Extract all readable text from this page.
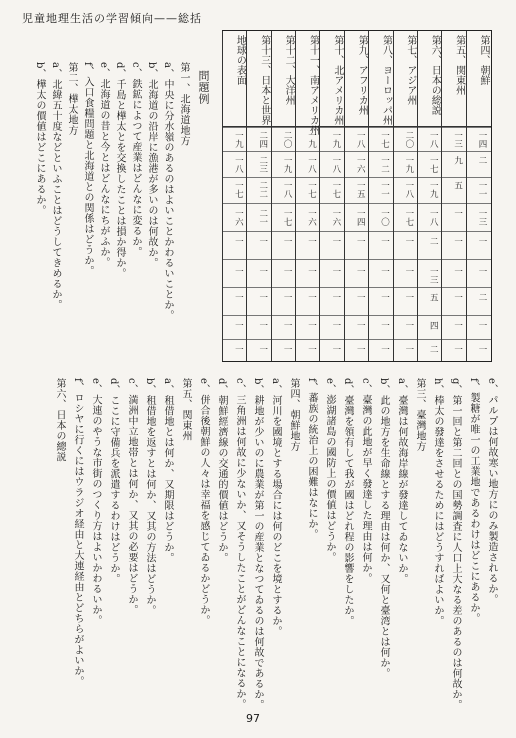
児童地理生活の学習傾向——総括
第四、朝鮮
一四
二
一一
一三
一
一
二
一
一
第五、関東州
一三
九
五
一
一
一
一
一
一
第六、日本の総説
一八
一七
一九
一八
二
一三
五
四
二
第七、アジア州
二〇
一九
一八
一七
一
一
一
一
一
第八、ヨーロッパ州
一七
一二
一一
一〇
一
一
一
一
一
第九、アフリカ州
一八
一六
一五
一四
一
一
一
一
一
第十、北アメリカ州
一九
一八
一七
一六
一
一
一
一
一
第十一、南アメリカ州
一九
一八
一七
一六
一
一
一
一
一
第十二、大洋州
二〇
一九
一八
一七
一
一
一
一
一
第十三、日本と世界
二四
二三
二二
二一
一
一
一
一
一
地球の表面
一九
一八
一七
一六
一
一
一
一
一
問題例
第一、北海道地方
a、中央に分水嶺のあるのはよいことかわるいことか。
b、北海道の沿岸に漁港が多いのは何故か。
c、鉄鉱によつて産業はどんなに変るか。
d、千島と樺太とを交換したことは損か得か。
e、北海道の昔と今とはどんなにちがふか。
f、入口食糧問題と北海道との関係はどうか。
第二、樺太地方
a、北緯五十度などといふことはどうしてきめるか。
b、樺太の價値はどこにあるか。
e、パルプは何故寒い地方にのみ製造されるか。
f、製糖が唯一の工業地であるわけはどこにあるか。
g、第一回と第二回との国勢調査に人口上大なる差のあるのは何故か。
h、棒太の發達をさせるためにはどうすればよいか。
第三、臺灣地方
a、臺灣は何故海岸線が發達してゐないか。
b、此の地方を生命線とする理由は何か、又何と臺湾とは何か。
c、臺灣の此地が早く發達した理由は何か。
d、臺灣を領有して我が國はどれ程の影響をしたか。
e、澎湖諸島の國防上の價値はどうか。
f、蕃族の統治上の困難はなにか。
第四、朝鮮地方
a、河川を國境とする場合には何のどこを境とするか。
b、耕地が少いのに農業が第一の産業となつてゐるのは何故であるか。
c、三角洲は何故に少ないか、又そうしたことがどんなことになるか。
d、朝鮮經濟線の交通的價値はどうか。
e、併合後朝鮮の人々は幸福を感じてゐるかどうか。
第五、関東州
a、租借地とは何か、又期限はどうか。
b、租借地を返すとは何か、又其の方法はどうか。
c、満洲中立地帯とは何か、又其の必要はどうか。
d、ここに守備兵を派遣するわけはどうか。
e、大連のやうな市街のつくり方はよいかわるいか。
f、ロシヤに行くにはウラジオ経由と大連経由とどちらがよいか。
第六、日本の總説
97
